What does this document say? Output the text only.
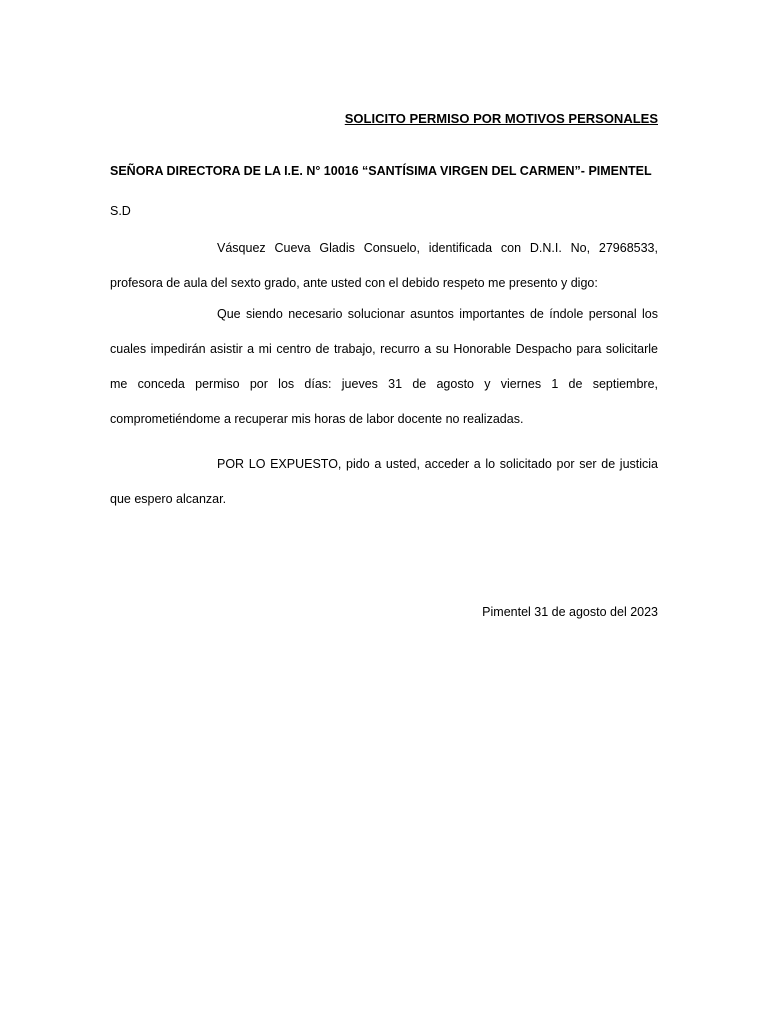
SOLICITO PERMISO POR MOTIVOS PERSONALES
SEÑORA DIRECTORA DE LA I.E. N° 10016 “SANTÍSIMA VIRGEN DEL CARMEN”- PIMENTEL
S.D
Vásquez Cueva Gladis Consuelo, identificada con D.N.I. No, 27968533, profesora de aula del sexto grado, ante usted con el debido respeto me presento y digo:
Que siendo necesario solucionar asuntos importantes de índole personal los cuales impedirán asistir a mi centro de trabajo, recurro a su Honorable Despacho para solicitarle me conceda permiso por los días: jueves 31 de agosto y viernes 1 de septiembre, comprometiéndome a recuperar mis horas de labor docente no realizadas.
POR LO EXPUESTO, pido a usted, acceder a lo solicitado por ser de justicia que espero alcanzar.
Pimentel 31 de agosto del 2023
